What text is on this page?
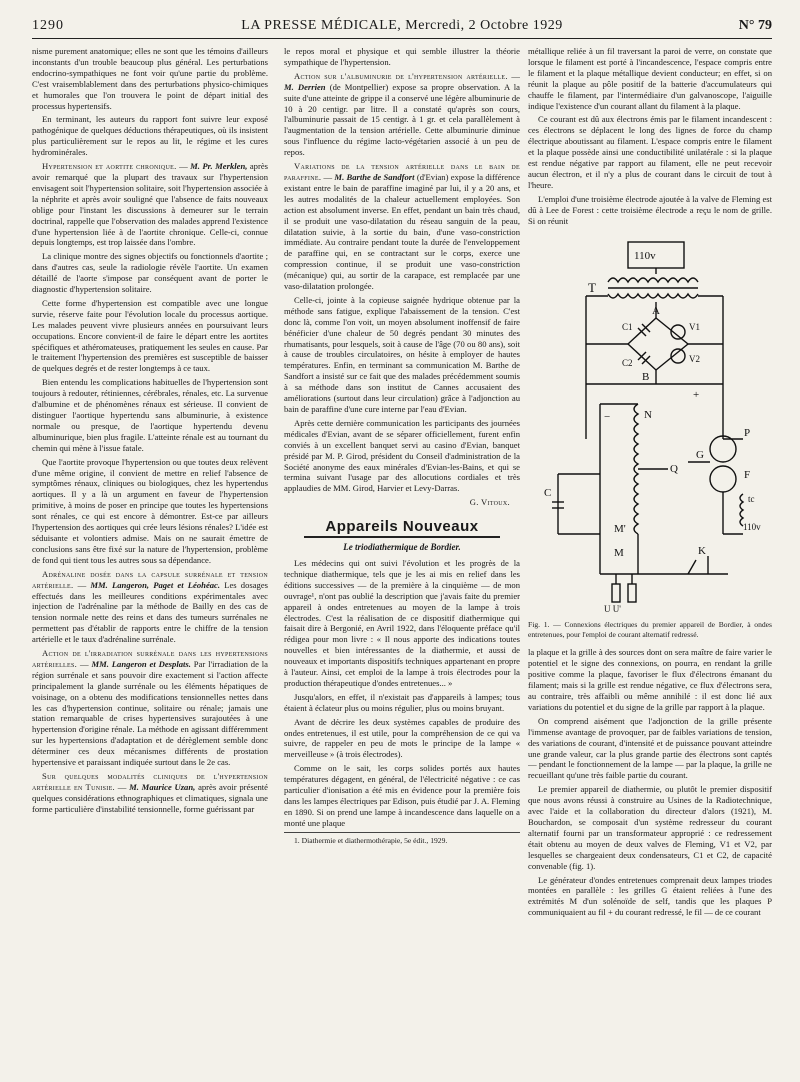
1290	LA PRESSE MÉDICALE, Mercredi, 2 Octobre 1929	N° 79

nisme purement anatomique; elles ne sont que les témoins d'ailleurs inconstants d'un trouble beaucoup plus général. Les perturbations endocrino-sympathiques ne font voir qu'une partie du problème. C'est vraisemblablement dans des perturbations physico-chimiques et humorales que l'on trouvera le point de départ initial des processus hypertensifs.

En terminant, les auteurs du rapport font suivre leur exposé pathogénique de quelques déductions thérapeutiques, où ils insistent plus particulièrement sur le repos au lit, le régime et les cures hydrominérales.

Hypertension et aortite chronique. — M. Pr. Merklen, après avoir remarqué que la plupart des travaux sur l'hypertension envisagent soit l'hypertension solitaire, soit l'hypertension associée à la néphrite et après avoir souligné que l'absence de faits nouveaux oblige pour l'instant les discussions à demeurer sur le terrain doctrinal, rappelle que l'observation des malades apprend l'existence d'une hypertension liée à de l'aortite chronique. Celle-ci, connue depuis longtemps, est trop laissée dans l'ombre.

La clinique montre des signes objectifs ou fonctionnels d'aortite ; dans d'autres cas, seule la radiologie révèle l'aortite. Un examen détaillé de l'aorte s'impose par conséquent avant de porter le diagnostic d'hypertension solitaire.

Cette forme d'hypertension est compatible avec une longue survie, réserve faite pour l'évolution locale du processus aortique. Les malades peuvent vivre plusieurs années en poursuivant leurs occupations. Encore convient-il de faire le départ entre les aortites spécifiques et athéromateuses, pratiquement les seules en cause. Par le traitement l'hypertension des premières est susceptible de baisser de quelques degrés et de rester longtemps à ce taux.

Bien entendu les complications habituelles de l'hypertension sont toujours à redouter, rétiniennes, cérébrales, rénales, etc. La survenue d'albumine et de phénomènes rénaux est sérieuse. Il convient de distinguer l'aortique hypertendu sans albuminurie, à existence normale ou presque, de l'aortique hypertendu devenu albuminurique, bien plus fragile. L'atteinte rénale est au tournant du chemin qui mène à l'issue fatale.

Que l'aortite provoque l'hypertension ou que toutes deux relèvent d'une même origine, il convient de mettre en relief l'absence de symptômes rénaux, cliniques ou biologiques, chez les hypertendus aortiques. Il y a là un argument en faveur de l'hypertension primitive, à moins de poser en principe que toutes les hypertensions sont rénales, ce qui est encore à démontrer. Est-ce par ailleurs l'hypertension des aortiques qui crée leurs lésions rénales? L'idée est séduisante et volontiers admise. Mais on ne saurait émettre de conclusions sans être fixé sur la nature de l'hypertension, problème de fond qui tient tous les autres sous sa dépendance.

Adrénaline dosée dans la capsule surrénale et tension artérielle. — MM. Langeron, Paget et Léohéac. Les dosages effectués dans les meilleures conditions expérimentales avec injection de l'adrénaline par la méthode de Bailly en des cas de tension normale nette des reins et dans des tumeurs surrénales ne permettent pas d'établir de rapports entre le chiffre de la tension artérielle et le taux d'adrénaline surrénale.

Action de l'irradiation surrénale dans les hypertensions artérielles. — MM. Langeron et Desplats. Par l'irradiation de la région surrénale et sans pouvoir dire exactement si l'action affecte principalement la glande surrénale ou les éléments hépatiques de voisinage, on a obtenu des modifications tensionnelles nettes dans les cas d'hypertension continue, solitaire ou rénale; jamais une station remarquable de crises hypertensives surajoutées à une hypertension d'origine rénale. La méthode en agissant différemment sur les hypertensions d'adaptation et de dérèglement semble donc déterminer ces deux mécanismes différents de prostation hypertensive et paraissant indiquée surtout dans le 2e cas.

Sur quelques modalités cliniques de l'hypertension artérielle en Tunisie. — M. Maurice Uzan, après avoir présenté quelques considérations ethnographiques et climatiques, signala une forme particulière d'instabilité tensionnelle, forme guérissant par

le repos moral et physique et qui semble illustrer la théorie sympathique de l'hypertension.

Action sur l'albuminurie de l'hypertension artérielle. — M. Derrien (de Montpellier) expose sa propre observation. A la suite d'une atteinte de grippe il a conservé une légère albuminurie de 10 à 20 centigr. par litre. Il a constaté qu'après son cours, l'albuminurie passait de 15 centigr. à 1 gr. et cela parallèlement à l'augmentation de la tension artérielle. Cette albuminurie diminue sous l'influence du régime lacto-végétarien associé à un peu de repos.

Variations de la tension artérielle dans le bain de paraffine. — M. Barthe de Sandfort (d'Evian) expose la différence existant entre le bain de paraffine imaginé par lui, il y a 20 ans, et les autres modalités de la chaleur actuellement employées. Son action est absolument inverse. En effet, pendant un bain très chaud, il se produit une vaso-dilatation du réseau sanguin de la peau, dilatation suivie, à la sortie du bain, d'une vaso-constriction immédiate. Au contraire pendant toute la durée de l'enveloppement de paraffine qui, en se contractant sur le corps, exerce une compression continue, il se produit une vaso-constriction (mécanique) qui, au sortir de la carapace, est remplacée par une vaso-dilatation prolongée.

Celle-ci, jointe à la copieuse saignée hydrique obtenue par la méthode sans fatigue, explique l'abaissement de la tension. C'est donc là, comme l'on voit, un moyen absolument inoffensif de faire bénéficier d'une chaleur de 50 degrés pendant 30 minutes des rhumatisants, pour lesquels, soit à cause de l'âge (70 ou 80 ans), soit à cause de troubles circulatoires, on hésite à employer de hautes températures. Enfin, en terminant sa communication M. Barthe de Sandfort a insisté sur ce fait que des malades précédemment soumis à sa méthode dans son institut de Cannes accusaient des améliorations (surtout dans leur circulation) grâce à l'adjonction au bain de paraffine d'une cure interne par l'eau d'Evian.

Après cette dernière communication les participants des journées médicales d'Evian, avant de se séparer officiellement, furent enfin conviés à un excellent banquet servi au casino d'Evian, banquet présidé par M. P. Girod, président du Conseil d'administration de la Société anonyme des eaux minérales d'Evian-les-Bains, et qui se termina suivant l'usage par des allocutions cordiales et très applaudies de MM. Girod, Harvier et Levy-Darras.

G. Vitoux.

Appareils Nouveaux
Le triodiathermique de Bordier.

Les médecins qui ont suivi l'évolution et les progrès de la technique diathermique, tels que je les ai mis en relief dans les éditions successives — de la première à la cinquième — de mon ouvrage¹, n'ont pas oublié la description que j'avais faite du premier appareil à ondes entretenues au moyen de la lampe à trois électrodes. C'est la réalisation de ce dispositif diathermique qui faisait dire à Bergonié, en Avril 1922, dans l'éloquente préface qu'il rédigea pour mon livre : « Il nous apporte des indications toutes nouvelles et bien intéressantes de la diathermie, et aussi de nouveaux et importants dispositifs techniques appartenant en propre à l'auteur. Ainsi, cet emploi de la lampe à trois électrodes pour la production thérapeutique d'ondes entretenues... »

Jusqu'alors, en effet, il n'existait pas d'appareils à lampes; tous étaient à éclateur plus ou moins régulier, plus ou moins bruyant.

Avant de décrire les deux systèmes capables de produire des ondes entretenues, il est utile, pour la compréhension de ce qui va suivre, de rappeler en peu de mots le principe de la lampe « merveilleuse » (à trois électrodes).

Comme on le sait, les corps solides portés aux hautes températures dégagent, en général, de l'électricité négative : ce cas particulier d'ionisation a été mis en évidence pour la première fois dans les lampes électriques par Edison, puis étudié par J. A. Fleming en 1890. Si on prend une lampe à incandescence dans laquelle on a monté une plaque

1. Diathermie et diathermothérapie, 5e édit., 1929.

métallique reliée à un fil traversant la paroi de verre, on constate que lorsque le filament est porté à l'incandescence, l'espace compris entre le filament et la plaque métallique devient conducteur; en effet, si on réunit la plaque au pôle positif de la batterie d'accumulateurs qui chauffe le filament, par l'intermédiaire d'un galvanoscope, l'aiguille indique l'existence d'un courant allant du filament à la plaque.

Ce courant est dû aux électrons émis par le filament incandescent : ces électrons se déplacent le long des lignes de force du champ électrique aboutissant au filament. L'espace compris entre le filament et la plaque possède ainsi une conductibilité unilatérale : si la plaque est rendue négative par rapport au filament, elle ne peut recevoir aucun électron, et il n'y a plus de courant dans le circuit de tout à l'heure.

L'emploi d'une troisième électrode ajoutée à la valve de Fleming est dû à Lee de Forest : cette troisième électrode a reçu le nom de grille. Si on réunit

110v
T
A
B
C1
C2
V1
V2
+
−	N
P
G
F
C
Q
tc
110v
M'
M	K
U U'

Fig. 1. — Connexions électriques du premier appareil de Bordier, à ondes entretenues, pour l'emploi de courant alternatif redressé.

la plaque et la grille à des sources dont on sera maître de faire varier le potentiel et le signe des connexions, on pourra, en rendant la grille positive comme la plaque, favoriser le flux d'électrons émanant du filament; mais si la grille est rendue négative, ce flux d'électrons sera, au contraire, très affaibli ou même annihilé : il est donc lié aux variations du potentiel et du signe de la grille par rapport à la plaque.

On comprend aisément que l'adjonction de la grille présente l'immense avantage de provoquer, par de faibles variations de tension, des variations de courant, d'intensité et de puissance pouvant atteindre une grande valeur, car la plus grande partie des électrons sont captés — pendant le fonctionnement de la lampe — par la plaque, la grille ne recueillant qu'une très faible partie du courant.

Le premier appareil de diathermie, ou plutôt le premier dispositif que nous avons réussi à construire au Usines de la Radiotechnique, avec l'aide et la collaboration du directeur d'alors (1921), M. Bouchardon, se composait d'un système redresseur du courant alternatif fourni par un transformateur approprié : ce redressement était obtenu au moyen de deux valves de Fleming, V1 et V2, par lesquelles se chargeaient deux condensateurs, C1 et C2, de capacité convenable (fig. 1).

Le générateur d'ondes entretenues comprenait deux lampes triodes montées en parallèle : les grilles G étaient reliées à l'une des extrémités M d'un solénoïde de self, tandis que les plaques P communiquaient au fil + du courant redressé, le fil — de ce courant
